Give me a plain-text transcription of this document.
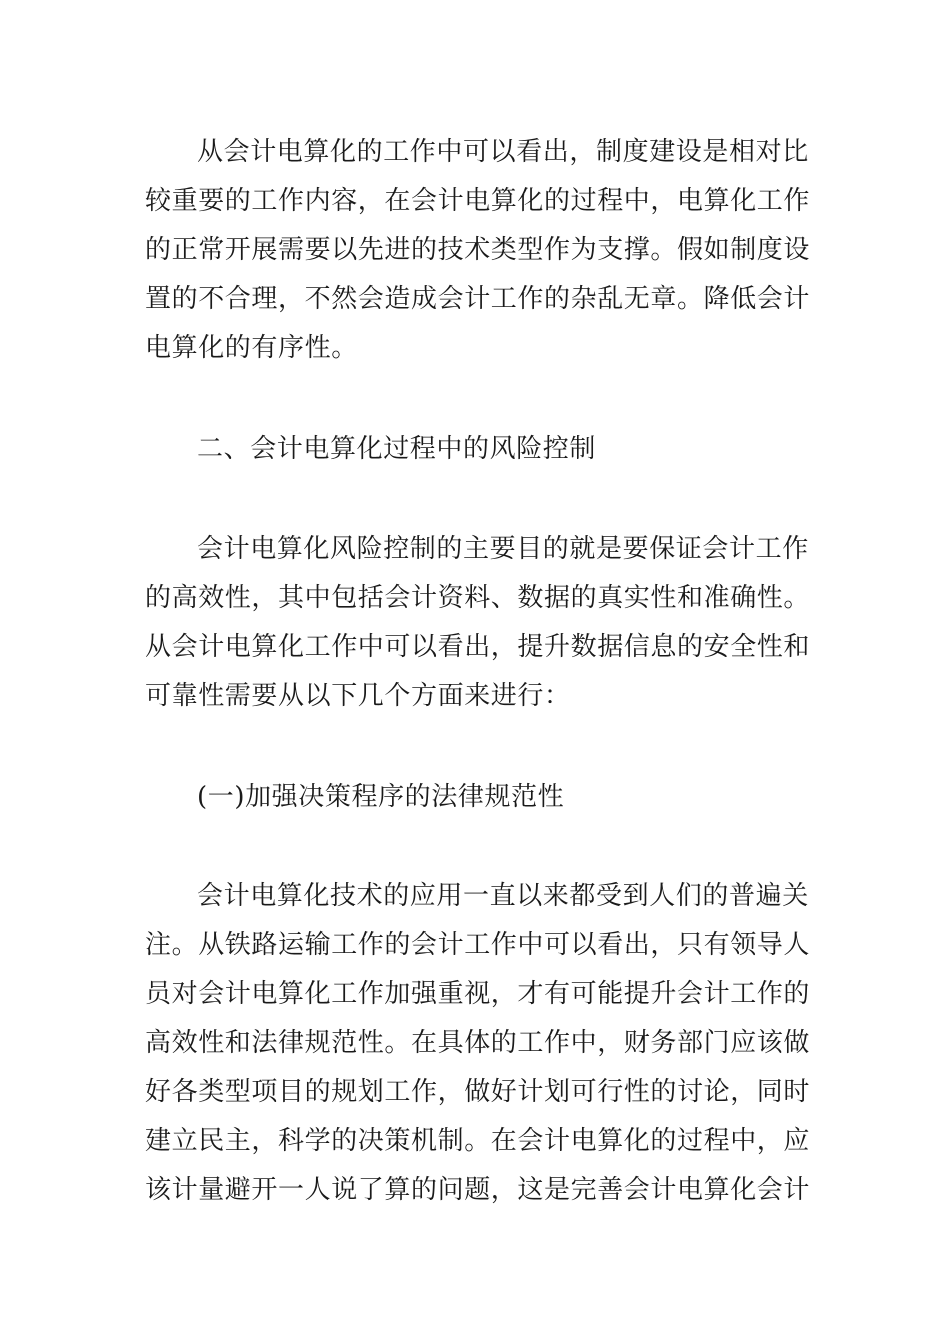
从会计电算化的工作中可以看出，制度建设是相对比

较重要的工作内容，在会计电算化的过程中，电算化工作

的正常开展需要以先进的技术类型作为支撑。假如制度设

置的不合理，不然会造成会计工作的杂乱无章。降低会计

电算化的有序性。

二、会计电算化过程中的风险控制

会计电算化风险控制的主要目的就是要保证会计工作

的高效性，其中包括会计资料、数据的真实性和准确性。

从会计电算化工作中可以看出，提升数据信息的安全性和

可靠性需要从以下几个方面来进行：

(一)加强决策程序的法律规范性

会计电算化技术的应用一直以来都受到人们的普遍关

注。从铁路运输工作的会计工作中可以看出，只有领导人

员对会计电算化工作加强重视，才有可能提升会计工作的

高效性和法律规范性。在具体的工作中，财务部门应该做

好各类型项目的规划工作，做好计划可行性的讨论，同时

建立民主，科学的决策机制。在会计电算化的过程中，应

该计量避开一人说了算的问题，这是完善会计电算化会计
